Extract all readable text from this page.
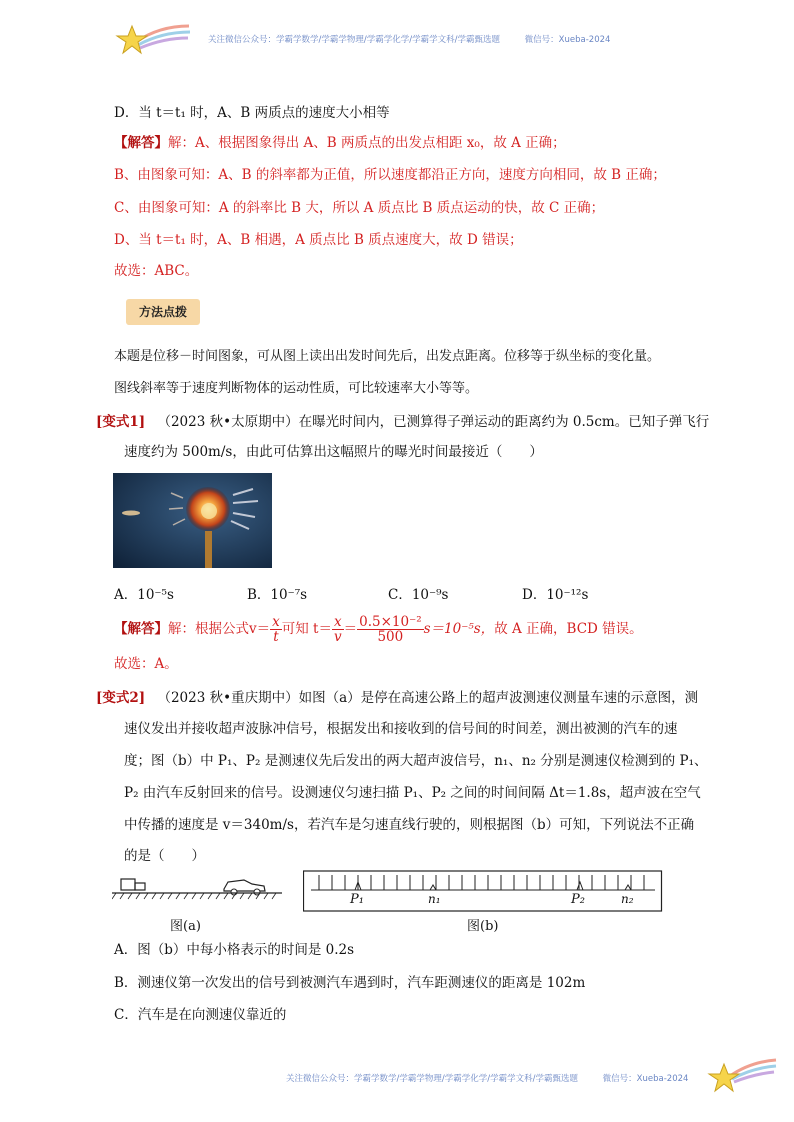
关注微信公众号：学霸学数学/学霸学物理/学霸学化学/学霸学文科/学霸甄选题	微信号：Xueba-2024
D．当 t＝t₁ 时，A、B 两质点的速度大小相等
【解答】解：A、根据图象得出 A、B 两质点的出发点相距 x₀，故 A 正确；
B、由图象可知：A、B 的斜率都为正值，所以速度都沿正方向，速度方向相同，故 B 正确；
C、由图象可知：A 的斜率比 B 大，所以 A 质点比 B 质点运动的快，故 C 正确；
D、当 t＝t₁ 时，A、B 相遇，A 质点比 B 质点速度大，故 D 错误；
故选：ABC。
方法点拨
本题是位移－时间图象，可从图上读出出发时间先后，出发点距离。位移等于纵坐标的变化量。
图线斜率等于速度判断物体的运动性质，可比较速率大小等等。
[变式1] （2023 秋•太原期中）在曝光时间内，已测算得子弹运动的距离约为 0.5cm。已知子弹飞行
速度约为 500m/s，由此可估算出这幅照片的曝光时间最接近（　　）
A．10⁻⁵s	B．10⁻⁷s	C．10⁻⁹s	D．10⁻¹²s
【解答】解：根据公式$v= \frac{x}{t}$ 可知 $t= \frac{x}{v} = \frac{\text{0.5×10⁻²}}{500} s=10^{-5}s$，故 A 正确，BCD 错误。
故选：A。
[变式2] （2023 秋•重庆期中）如图（a）是停在高速公路上的超声波测速仪测量车速的示意图，测
速仪发出并接收超声波脉冲信号，根据发出和接收到的信号间的时间差，测出被测的汽车的速
度；图（b）中 P₁、P₂ 是测速仪先后发出的两大超声波信号，n₁、n₂ 分别是测速仪检测到的 P₁、
P₂ 由汽车反射回来的信号。设测速仪匀速扫描 P₁、P₂ 之间的时间间隔 Δt＝1.8s，超声波在空气
中传播的速度是 v＝340m/s，若汽车是匀速直线行驶的，则根据图（b）可知，下列说法不正确
的是（　　）
图(a)
P₁	n₁	P₂	n₂
图(b)
A．图（b）中每小格表示的时间是 0.2s
B．测速仪第一次发出的信号到被测汽车遇到时，汽车距测速仪的距离是 102m
C．汽车是在向测速仪靠近的
关注微信公众号：学霸学数学/学霸学物理/学霸学化学/学霸学文科/学霸甄选题	微信号：Xueba-2024
